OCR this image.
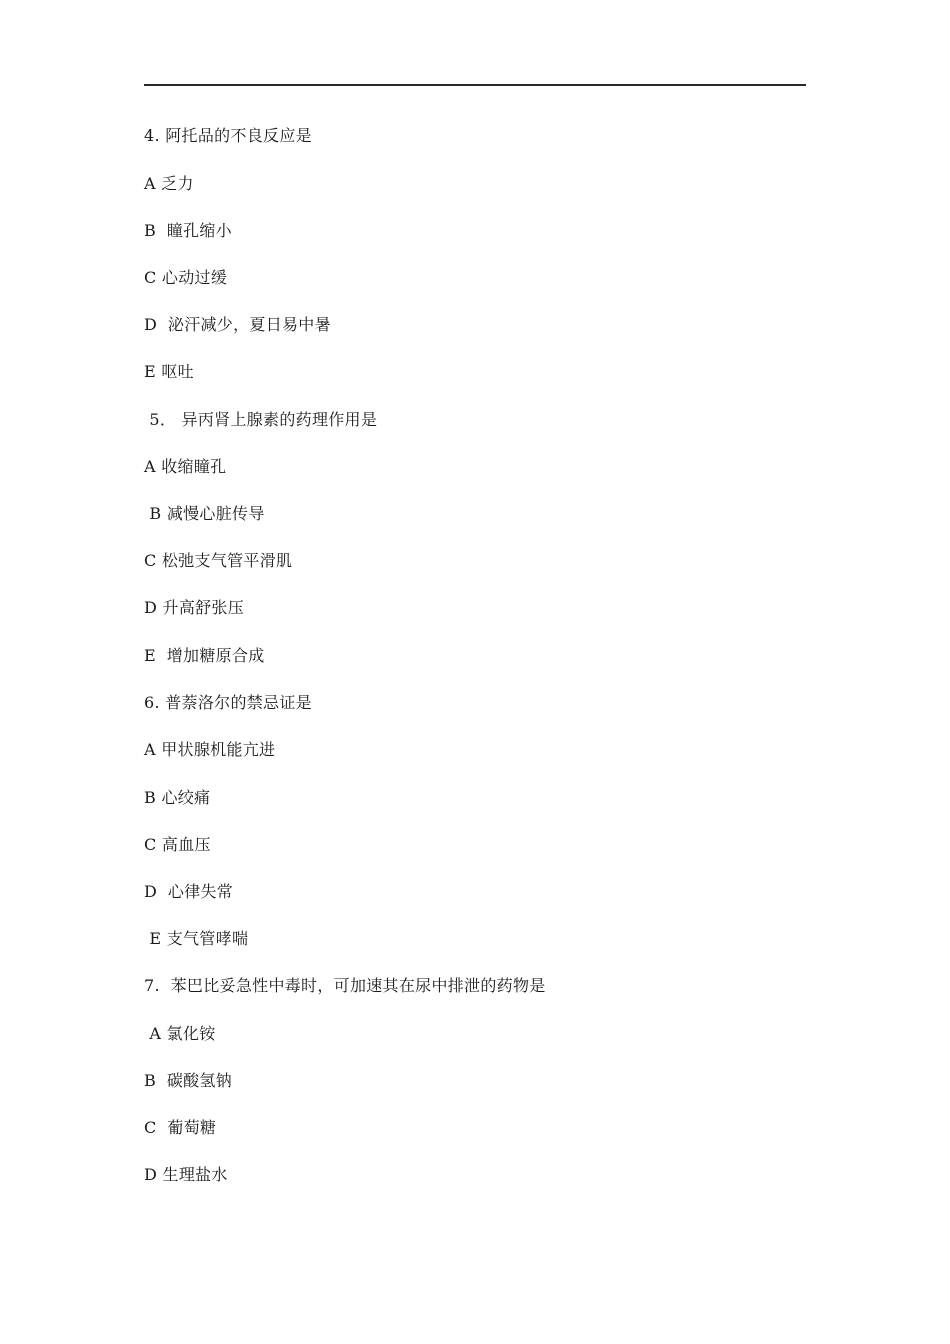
4. 阿托品的不良反应是
A 乏力
B  瞳孔缩小
C 心动过缓
D  泌汗减少，夏日易中暑
E 呕吐
5． 异丙肾上腺素的药理作用是
A 收缩瞳孔
B 减慢心脏传导
C 松弛支气管平滑肌
D 升高舒张压
E  增加糖原合成
6. 普萘洛尔的禁忌证是
A 甲状腺机能亢进
B 心绞痛
C 高血压
D  心律失常
E 支气管哮喘
7.  苯巴比妥急性中毒时，可加速其在尿中排泄的药物是
A 氯化铵
B  碳酸氢钠
C  葡萄糖
D 生理盐水
